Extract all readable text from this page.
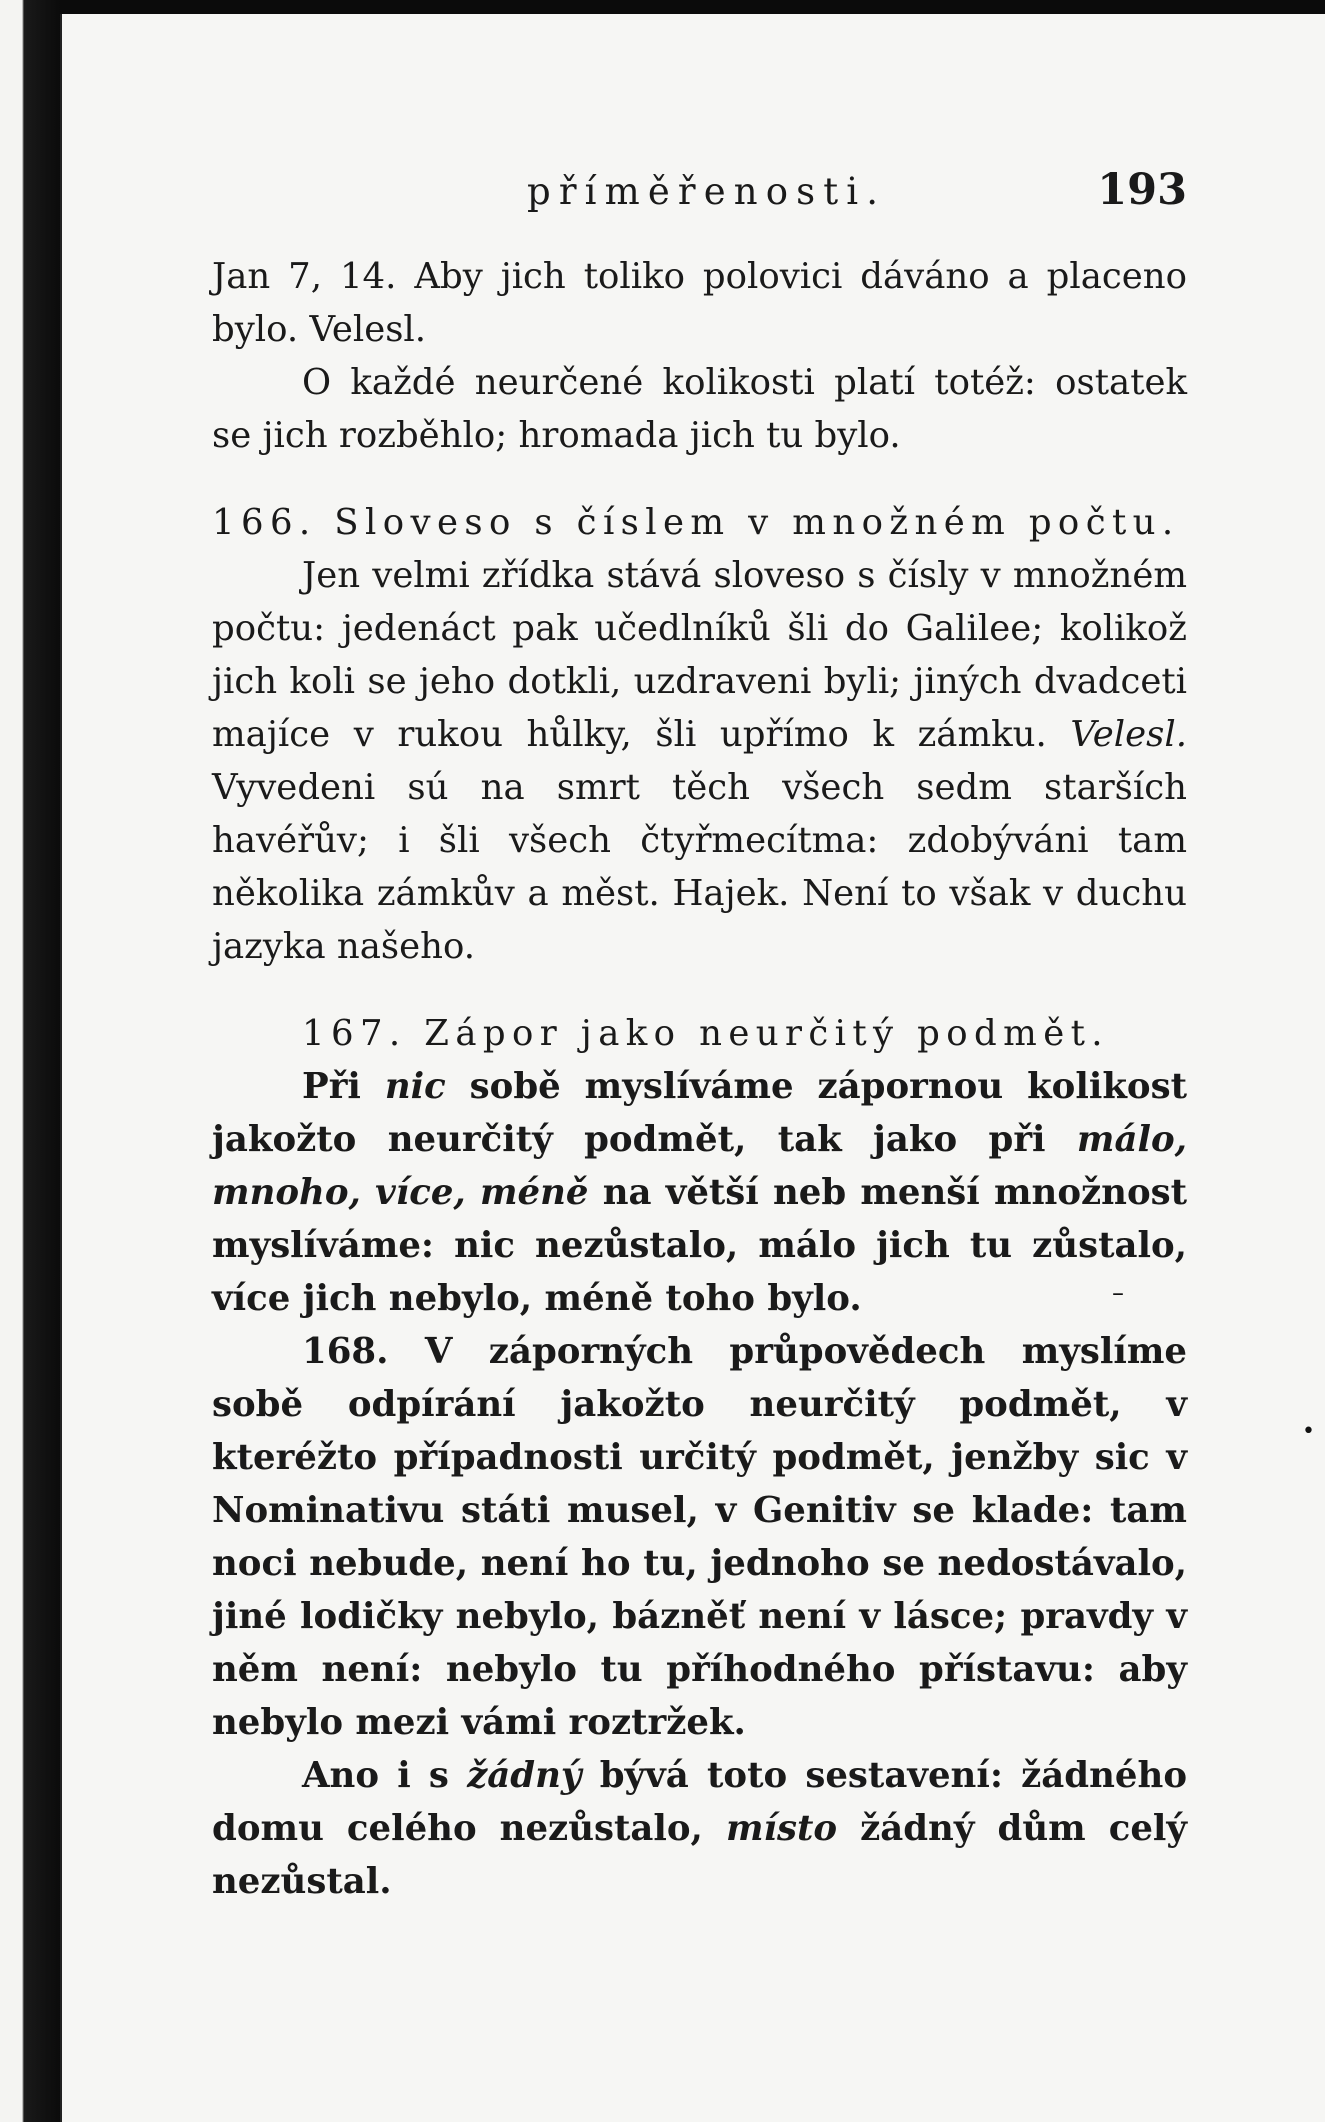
příměřenosti.	193

Jan 7, 14. Aby jich toliko polovici dáváno a placeno bylo. Velesl.

O každé neurčené kolikosti platí totéž: ostatek se jich rozběhlo; hromada jich tu bylo.

166. Sloveso s číslem v množném počtu.

Jen velmi zřídka stává sloveso s čísly v množném počtu: jedenáct pak učedlníků šli do Galilee; kolikož jich koli se jeho dotkli, uzdraveni byli; jiných dvadceti majíce v rukou hůlky, šli upřímo k zámku. Velesl. Vyvedeni sú na smrt těch všech sedm starších havéřův; i šli všech čtyřmecítma: zdobýváni tam několika zámkův a měst. Hajek. Není to však v duchu jazyka našeho.

167. Zápor jako neurčitý podmět.

Při nic sobě myslíváme zápornou kolikost jakožto neurčitý podmět, tak jako při málo, mnoho, více, méně na větší neb menší množnost myslíváme: nic nezůstalo, málo jich tu zůstalo, více jich nebylo, méně toho bylo.

168. V záporných průpovědech myslíme sobě odpírání jakožto neurčitý podmět, v kteréžto případnosti určitý podmět, jenžby sic v Nominativu státi musel, v Genitiv se klade: tam noci nebude, není ho tu, jednoho se nedostávalo, jiné lodičky nebylo, bázněť není v lásce; pravdy v něm není: nebylo tu příhodného přístavu: aby nebylo mezi vámi roztržek.

Ano i s žádný bývá toto sestavení: žádného domu celého nezůstalo, místo žádný dům celý nezůstal.

–
•
